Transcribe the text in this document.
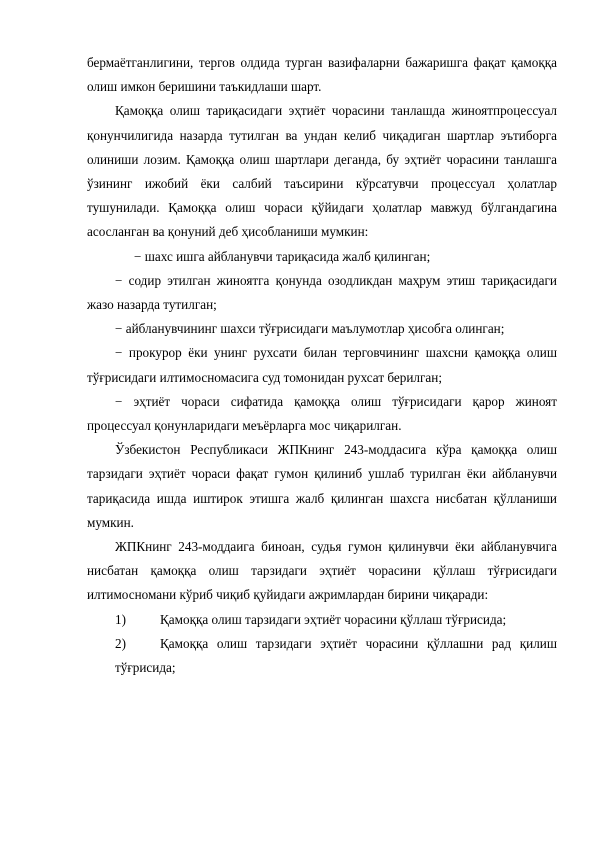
бермаётганлигини, тергов олдида турган вазифаларни бажаришга фақат қамоққа олиш имкон беришини таъкидлаши шарт.

Қамоққа олиш тариқасидаги эҳтиёт чорасини танлашда жиноятпроцессуал қонунчилигида назарда тутилган ва ундан келиб чиқадиган шартлар эътиборга олиниши лозим. Қамоққа олиш шартлари деганда, бу эҳтиёт чорасини танлашга ўзининг ижобий ёки салбий таъсирини кўрсатувчи процессуал ҳолатлар тушунилади. Қамоққа олиш чораси қўйидаги ҳолатлар мавжуд бўлгандагина асосланган ва қонуний деб ҳисобланиши мумкин:

− шахс ишга айбланувчи тариқасида жалб қилинган;

− содир этилган жиноятга қонунда озодликдан маҳрум этиш тариқасидаги жазо назарда тутилган;

− айбланувчининг шахси тўғрисидаги маълумотлар ҳисобга олинган;

− прокурор ёки унинг рухсати билан терговчининг шахсни қамоққа олиш тўғрисидаги илтимосномасига суд томонидан рухсат берилган;

− эҳтиёт чораси сифатида қамоққа олиш тўғрисидаги қарор жиноят процессуал қонунларидаги меъёрларга мос чиқарилган.

Ўзбекистон Республикаси ЖПКнинг 243-моддасига кўра қамоққа олиш тарзидаги эҳтиёт чораси фақат гумон қилиниб ушлаб турилган ёки айбланувчи тариқасида ишда иштирок этишга жалб қилинган шахсга нисбатан қўлланиши мумкин.

ЖПКнинг 243-моддаига биноан, судья гумон қилинувчи ёки айбланувчига нисбатан қамоққа олиш тарзидаги эҳтиёт чорасини қўллаш тўғрисидаги илтимосномани кўриб чиқиб қуйидаги ажримлардан бирини чиқаради:

1)	Қамоққа олиш тарзидаги эҳтиёт чорасини қўллаш тўғрисида;

2)	Қамоққа олиш тарзидаги эҳтиёт чорасини қўллашни рад қилиш тўғрисида;
